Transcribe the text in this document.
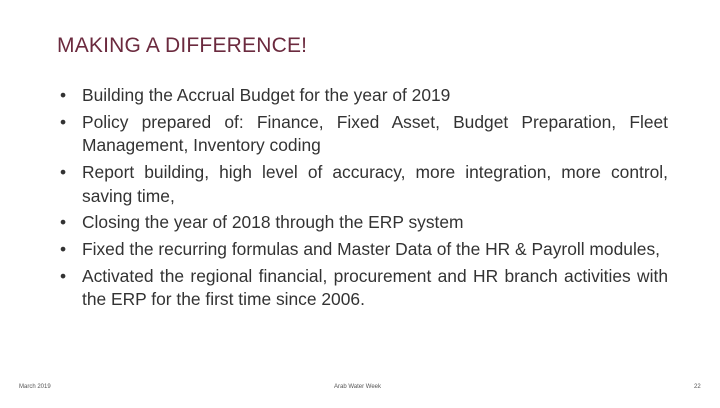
MAKING A DIFFERENCE!
• Building the Accrual Budget for the year of 2019
• Policy prepared of: Finance, Fixed Asset, Budget Preparation, Fleet Management, Inventory coding
• Report building, high level of accuracy, more integration, more control, saving time,
• Closing the year of 2018 through the ERP system
• Fixed the recurring formulas and Master Data of the HR & Payroll modules,
• Activated the regional financial, procurement and HR branch activities with the ERP for the first time since 2006.
March 2019	Arab Water Week	22
